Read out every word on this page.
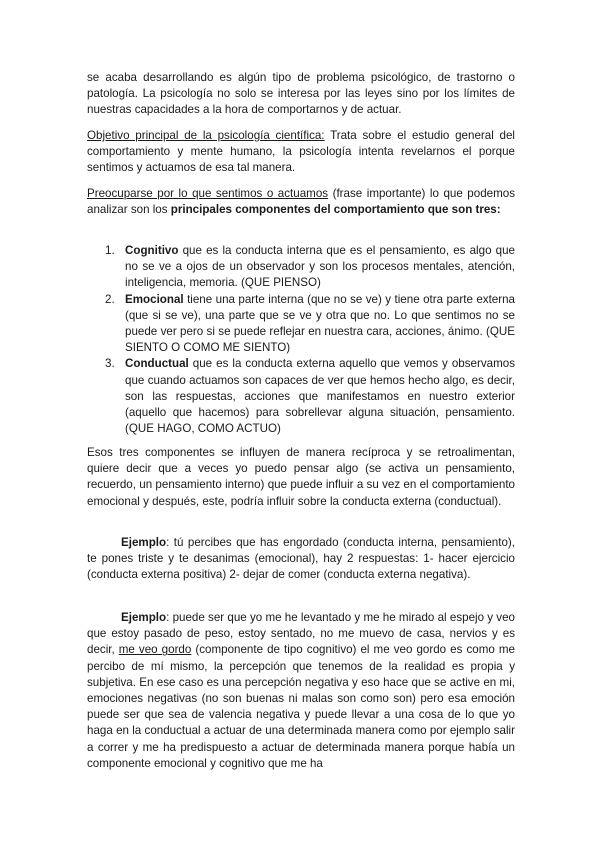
se acaba desarrollando es algún tipo de problema psicológico, de trastorno o patología. La psicología no solo se interesa por las leyes sino por los límites de nuestras capacidades a la hora de comportarnos y de actuar.

Objetivo principal de la psicología científica: Trata sobre el estudio general del comportamiento y mente humano, la psicología intenta revelarnos el porque sentimos y actuamos de esa tal manera.

Preocuparse por lo que sentimos o actuamos (frase importante) lo que podemos analizar son los principales componentes del comportamiento que son tres:

1. Cognitivo que es la conducta interna que es el pensamiento, es algo que no se ve a ojos de un observador y son los procesos mentales, atención, inteligencia, memoria. (QUE PIENSO)
2. Emocional tiene una parte interna (que no se ve) y tiene otra parte externa (que si se ve), una parte que se ve y otra que no. Lo que sentimos no se puede ver pero si se puede reflejar en nuestra cara, acciones, ánimo. (QUE SIENTO O COMO ME SIENTO)
3. Conductual que es la conducta externa aquello que vemos y observamos que cuando actuamos son capaces de ver que hemos hecho algo, es decir, son las respuestas, acciones que manifestamos en nuestro exterior (aquello que hacemos) para sobrellevar alguna situación, pensamiento. (QUE HAGO, COMO ACTUO)

Esos tres componentes se influyen de manera recíproca y se retroalimentan, quiere decir que a veces yo puedo pensar algo (se activa un pensamiento, recuerdo, un pensamiento interno) que puede influir a su vez en el comportamiento emocional y después, este, podría influir sobre la conducta externa (conductual).

Ejemplo: tú percibes que has engordado (conducta interna, pensamiento), te pones triste y te desanimas (emocional), hay 2 respuestas: 1- hacer ejercicio (conducta externa positiva) 2- dejar de comer (conducta externa negativa).

Ejemplo: puede ser que yo me he levantado y me he mirado al espejo y veo que estoy pasado de peso, estoy sentado, no me muevo de casa, nervios y es decir, me veo gordo (componente de tipo cognitivo) el me veo gordo es como me percibo de mí mismo, la percepción que tenemos de la realidad es propia y subjetiva. En ese caso es una percepción negativa y eso hace que se active en mi, emociones negativas (no son buenas ni malas son como son) pero esa emoción puede ser que sea de valencia negativa y puede llevar a una cosa de lo que yo haga en la conductual a actuar de una determinada manera como por ejemplo salir a correr y me ha predispuesto a actuar de determinada manera porque había un componente emocional y cognitivo que me ha
